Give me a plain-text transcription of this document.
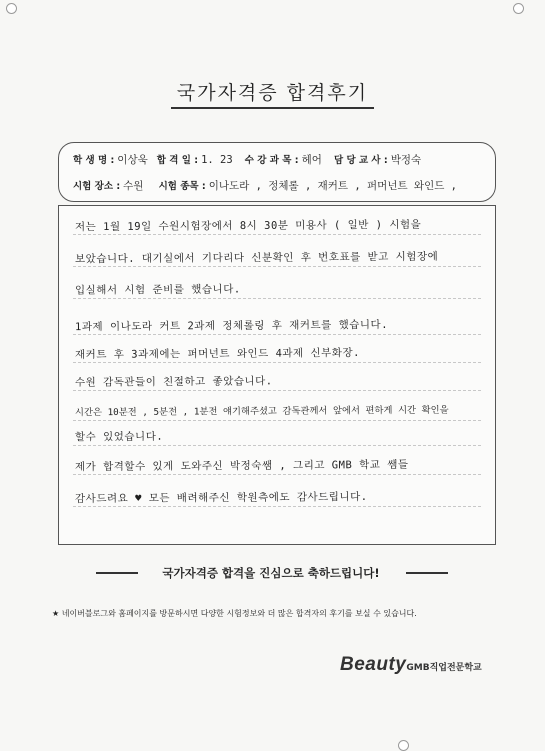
국가자격증 합격후기
학 생 명 : 이상욱 합 격 일 : 1. 23 수 강 과 목 : 헤어 담 당 교 사 : 박정숙
시험 장소 : 수원 시험 종목 : 이나도라 , 정체롤 , 재커트 , 퍼머넌트 와인드 ,
저는 1월 19일 수원시험장에서 8시 30분 미용사 ( 일반 ) 시험을
보았습니다. 대기실에서 기다리다 신분확인 후 번호표를 받고 시험장에
입실해서 시험 준비를 했습니다.
1과제 이나도라 커트 2과제 정체롤링 후 재커트를 했습니다.
재커트 후 3과제에는 퍼머넌트 와인드 4과제 신부화장.
수원 감독관들이 친절하고 좋았습니다.
시간은 10분전 , 5분전 , 1분전 얘기해주셨고 감독관께서 앞에서 편하게 시간 확인을
할수 있었습니다.
제가 합격할수 있게 도와주신 박정숙쌤 , 그리고 GMB 학교 쌤들
감사드려요 ♥ 모든 배려해주신 학원측에도 감사드립니다.
국가자격증 합격을 진심으로 축하드립니다!
★ 네이버블로그와 홈페이지를 방문하시면 다양한 시험정보와 더 많은 합격자의 후기를 보실 수 있습니다.
BeautyGMB직업전문학교
